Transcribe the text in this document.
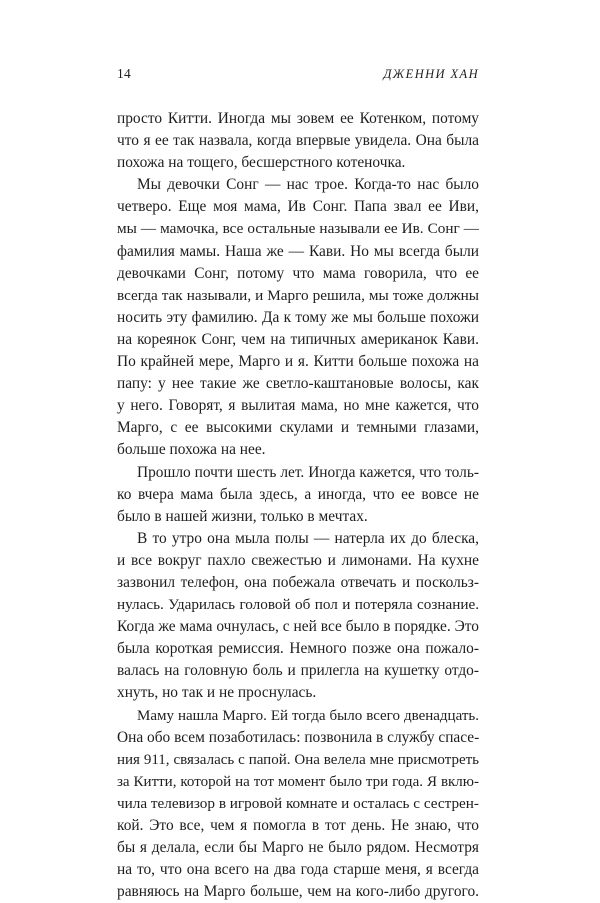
14	ДЖЕННИ ХАН
просто Китти. Иногда мы зовем ее Котенком, потому
что я ее так назвала, когда впервые увидела. Она была
похожа на тощего, бесшерстного котеночка.
Мы девочки Сонг — нас трое. Когда-то нас было
четверо. Еще моя мама, Ив Сонг. Папа звал ее Иви,
мы — мамочка, все остальные называли ее Ив. Сонг —
фамилия мамы. Наша же — Кави. Но мы всегда были
девочками Сонг, потому что мама говорила, что ее
всегда так называли, и Марго решила, мы тоже должны
носить эту фамилию. Да к тому же мы больше похожи
на кореянок Сонг, чем на типичных американок Кави.
По крайней мере, Марго и я. Китти больше похожа на
папу: у нее такие же светло-каштановые волосы, как
у него. Говорят, я вылитая мама, но мне кажется, что
Марго, с ее высокими скулами и темными глазами,
больше похожа на нее.
Прошло почти шесть лет. Иногда кажется, что толь-
ко вчера мама была здесь, а иногда, что ее вовсе не
было в нашей жизни, только в мечтах.
В то утро она мыла полы — натерла их до блеска,
и все вокруг пахло свежестью и лимонами. На кухне
зазвонил телефон, она побежала отвечать и поскольз-
нулась. Ударилась головой об пол и потеряла сознание.
Когда же мама очнулась, с ней все было в порядке. Это
была короткая ремиссия. Немного позже она пожало-
валась на головную боль и прилегла на кушетку отдо-
хнуть, но так и не проснулась.
Маму нашла Марго. Ей тогда было всего двенадцать.
Она обо всем позаботилась: позвонила в службу спасе-
ния 911, связалась с папой. Она велела мне присмотреть
за Китти, которой на тот момент было три года. Я вклю-
чила телевизор в игровой комнате и осталась с сестрен-
кой. Это все, чем я помогла в тот день. Не знаю, что
бы я делала, если бы Марго не было рядом. Несмотря
на то, что она всего на два года старше меня, я всегда
равняюсь на Марго больше, чем на кого-либо другого.
